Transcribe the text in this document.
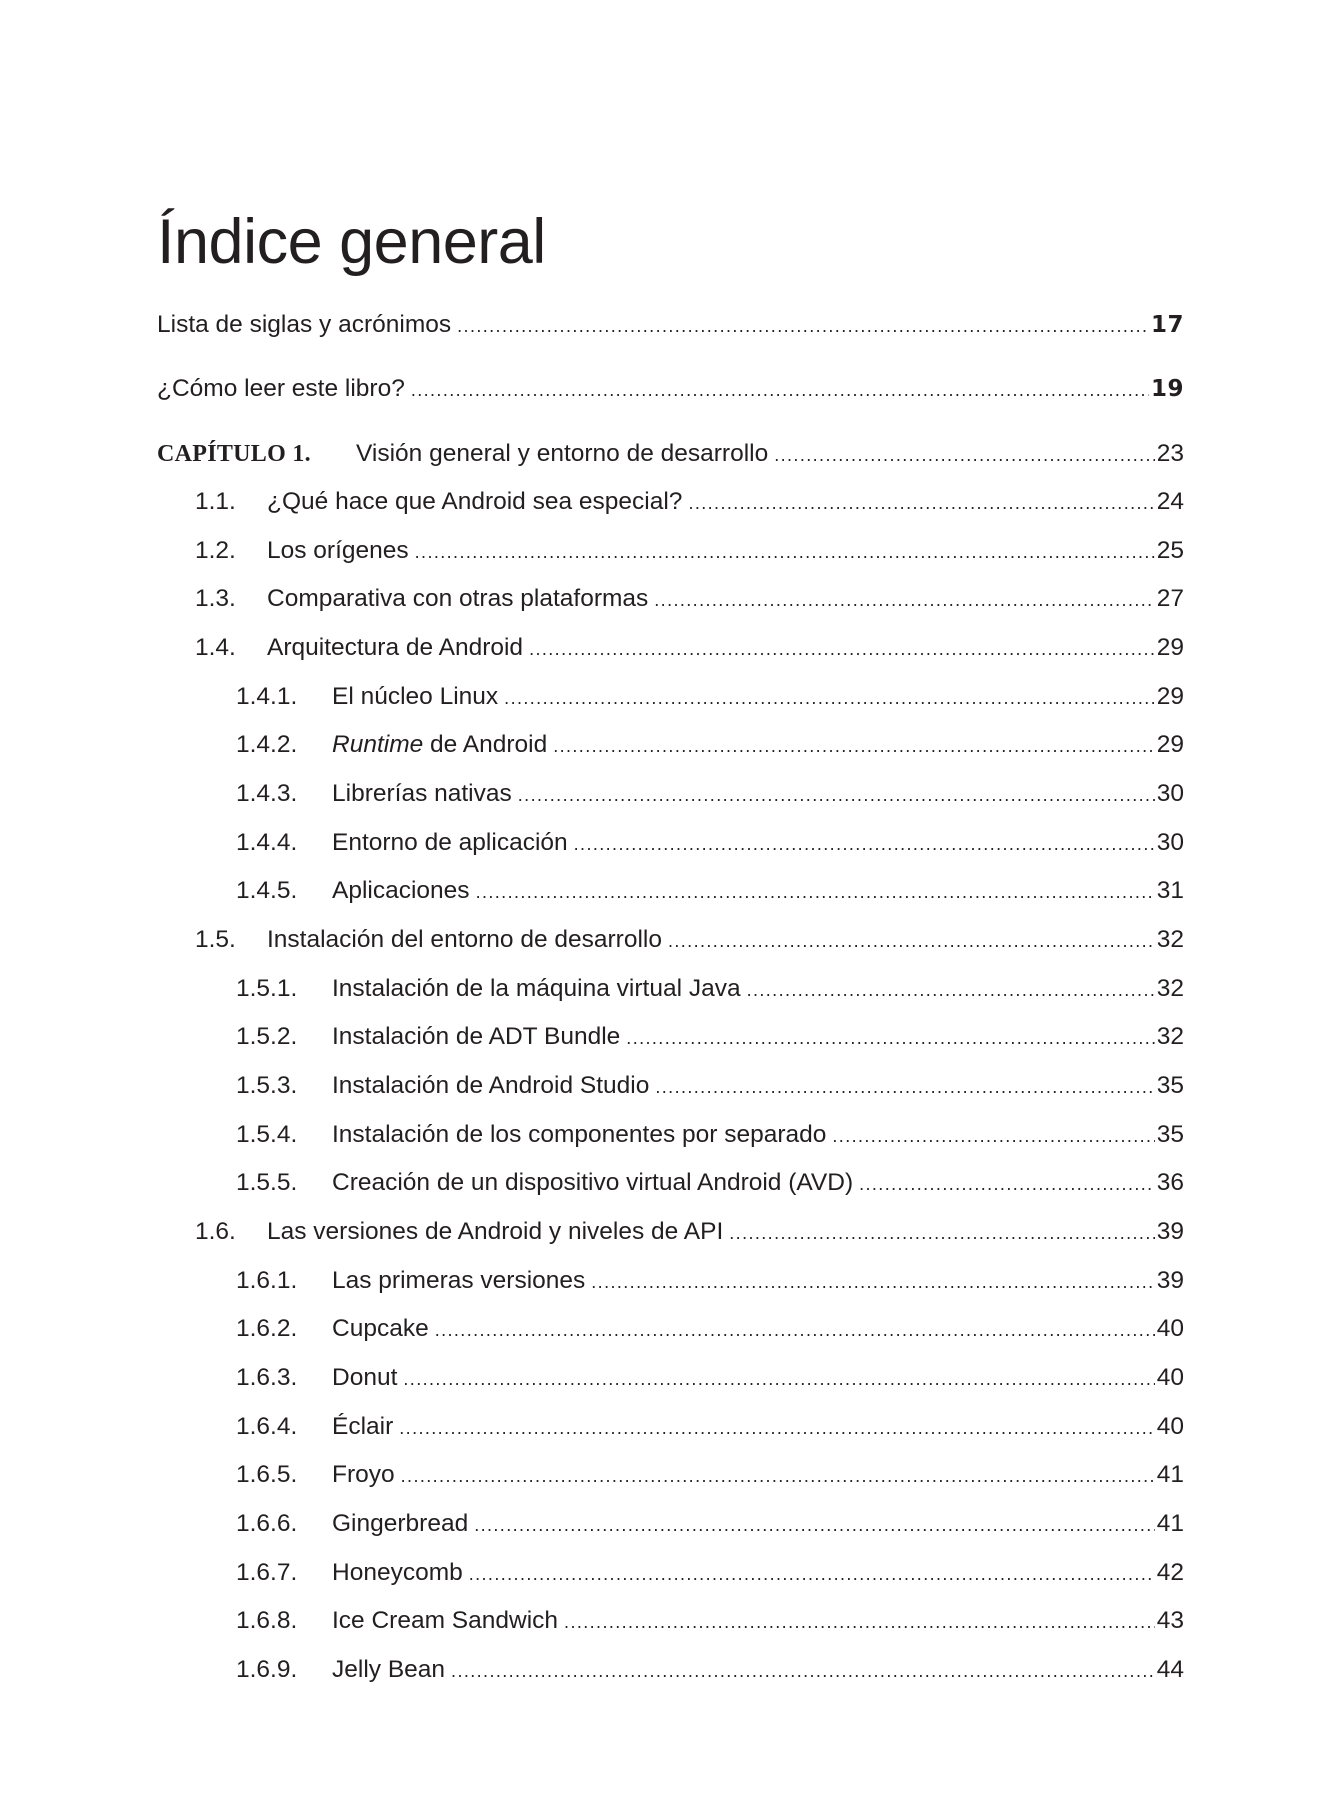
Índice general
Lista de siglas y acrónimos .....	17
¿Cómo leer este libro? .....	19
CAPÍTULO 1.	Visión general y entorno de desarrollo .....	23
1.1.	¿Qué hace que Android sea especial? .....	24
1.2.	Los orígenes .....	25
1.3.	Comparativa con otras plataformas .....	27
1.4.	Arquitectura de Android .....	29
1.4.1.	El núcleo Linux .....	29
1.4.2.	Runtime de Android .....	29
1.4.3.	Librerías nativas .....	30
1.4.4.	Entorno de aplicación .....	30
1.4.5.	Aplicaciones .....	31
1.5.	Instalación del entorno de desarrollo .....	32
1.5.1.	Instalación de la máquina virtual Java .....	32
1.5.2.	Instalación de ADT Bundle .....	32
1.5.3.	Instalación de Android Studio .....	35
1.5.4.	Instalación de los componentes por separado .....	35
1.5.5.	Creación de un dispositivo virtual Android (AVD) .....	36
1.6.	Las versiones de Android y niveles de API .....	39
1.6.1.	Las primeras versiones .....	39
1.6.2.	Cupcake .....	40
1.6.3.	Donut .....	40
1.6.4.	Éclair .....	40
1.6.5.	Froyo .....	41
1.6.6.	Gingerbread .....	41
1.6.7.	Honeycomb .....	42
1.6.8.	Ice Cream Sandwich .....	43
1.6.9.	Jelly Bean .....	44
